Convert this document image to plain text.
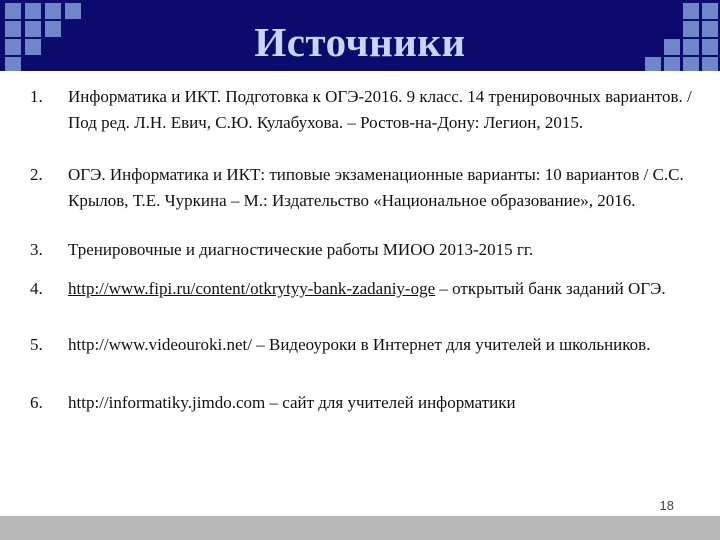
Источники
1.	Информатика и ИКТ. Подготовка к ОГЭ-2016. 9 класс. 14 тренировочных вариантов. / Под ред. Л.Н. Евич, С.Ю. Кулабухова. – Ростов-на-Дону: Легион, 2015.
2.	ОГЭ. Информатика и ИКТ: типовые экзаменационные варианты: 10 вариантов / С.С. Крылов, Т.Е. Чуркина – М.: Издательство «Национальное образование», 2016.
3.	Тренировочные и диагностические работы МИОО 2013-2015 гг.
4.	http://www.fipi.ru/content/otkrytyy-bank-zadaniy-oge – открытый банк заданий ОГЭ.
5.	http://www.videouroki.net/ – Видеоуроки в Интернет для учителей и школьников.
6.	http://informatiky.jimdo.com – сайт для учителей информатики
18
